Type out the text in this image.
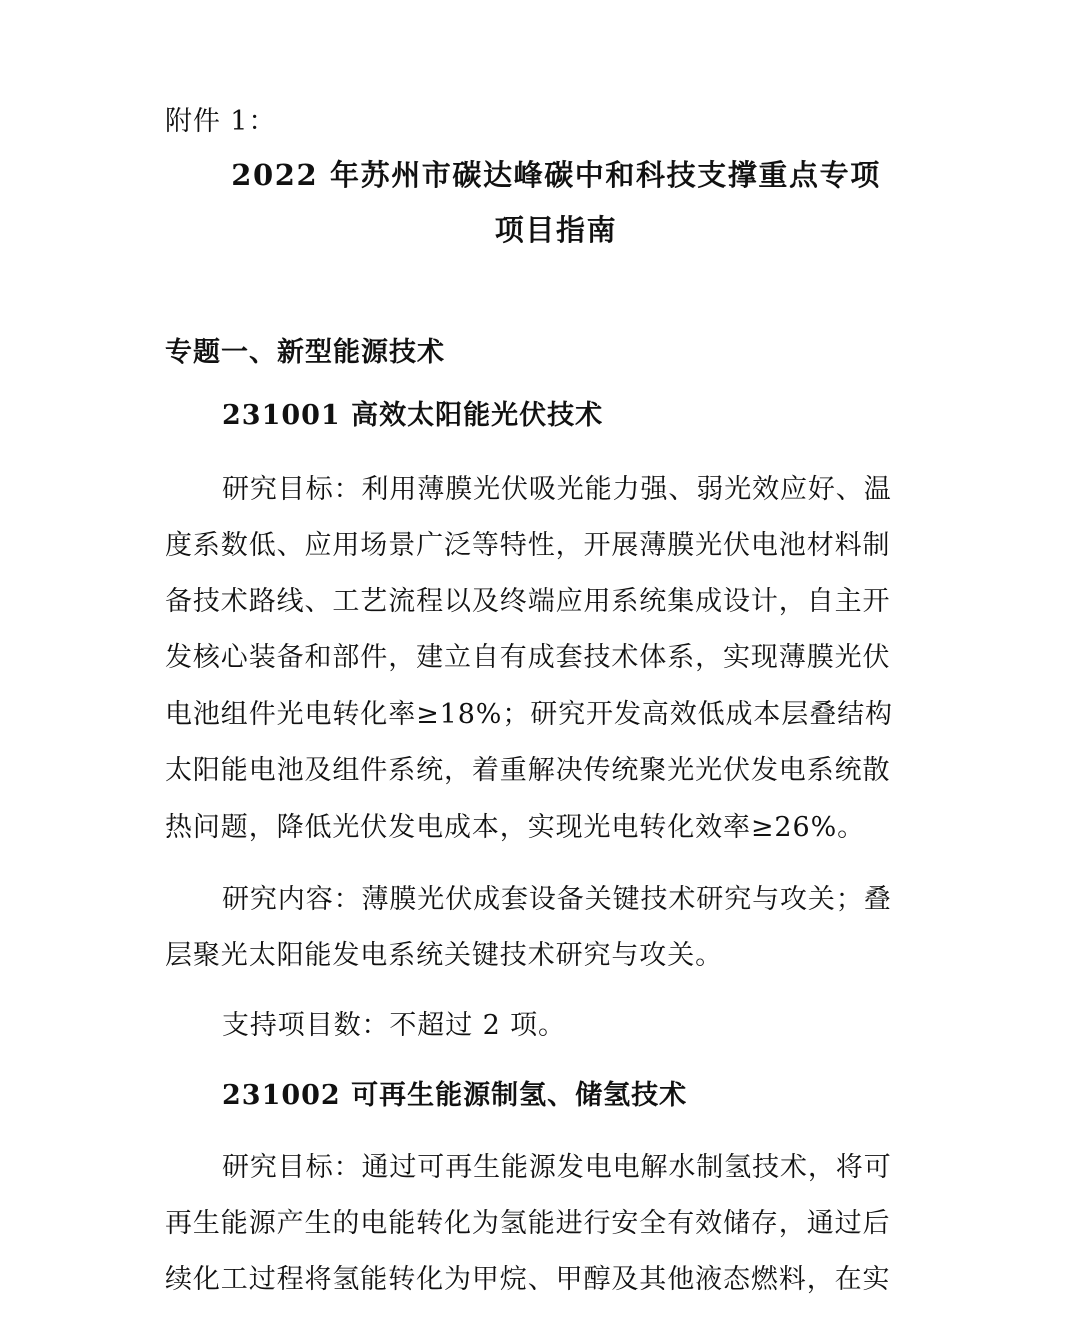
附件 1：
2022 年苏州市碳达峰碳中和科技支撑重点专项
项目指南
专题一、新型能源技术
231001 高效太阳能光伏技术
研究目标：利用薄膜光伏吸光能力强、弱光效应好、温
度系数低、应用场景广泛等特性，开展薄膜光伏电池材料制
备技术路线、工艺流程以及终端应用系统集成设计，自主开
发核心装备和部件，建立自有成套技术体系，实现薄膜光伏
电池组件光电转化率≥18%；研究开发高效低成本层叠结构
太阳能电池及组件系统，着重解决传统聚光光伏发电系统散
热问题，降低光伏发电成本，实现光电转化效率≥26%。
研究内容：薄膜光伏成套设备关键技术研究与攻关；叠
层聚光太阳能发电系统关键技术研究与攻关。
支持项目数：不超过 2 项。
231002 可再生能源制氢、储氢技术
研究目标：通过可再生能源发电电解水制氢技术，将可
再生能源产生的电能转化为氢能进行安全有效储存，通过后
续化工过程将氢能转化为甲烷、甲醇及其他液态燃料，在实
